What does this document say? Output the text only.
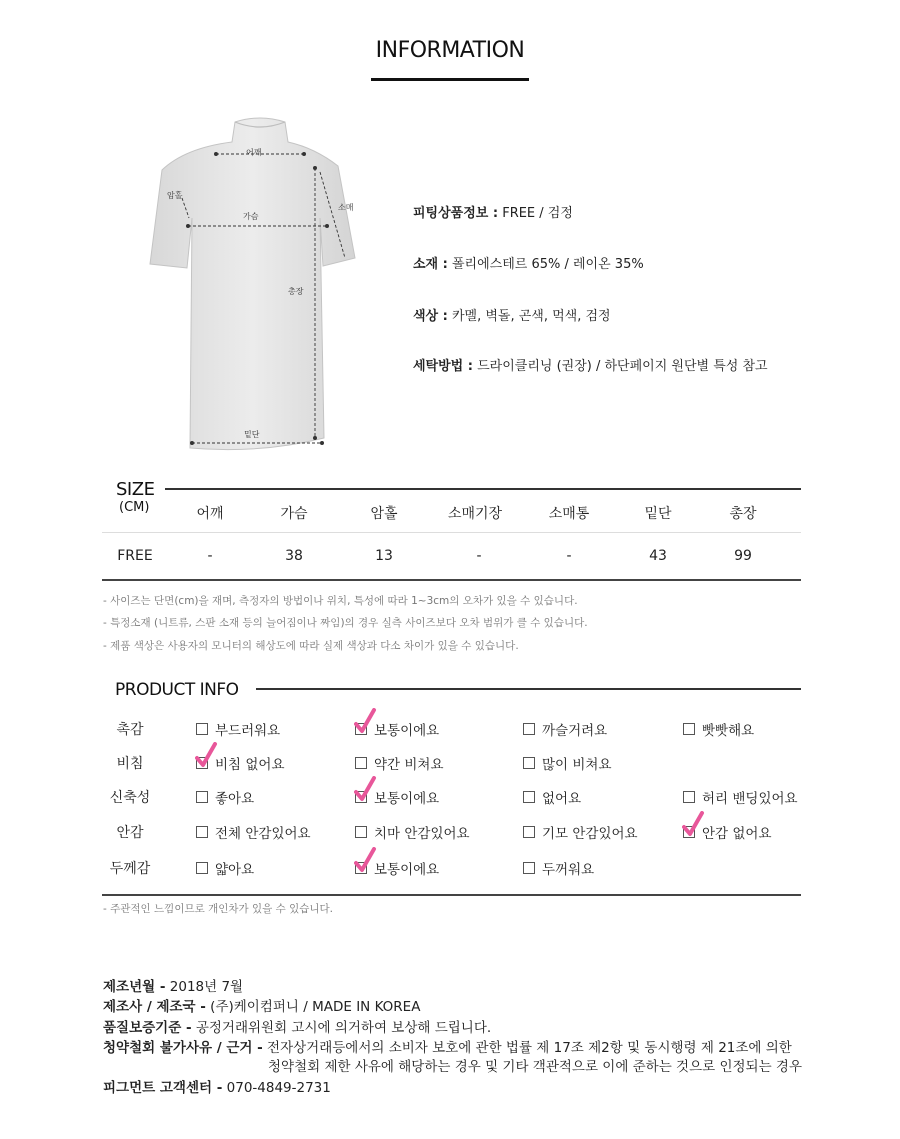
INFORMATION
어깨
가슴
암홀
소매
총장
밑단
피팅상품정보 : FREE / 검정
소재 : 폴리에스테르 65% / 레이온 35%
색상 : 카멜, 벽돌, 곤색, 먹색, 검정
세탁방법 : 드라이클리닝 (권장) / 하단페이지 원단별 특성 참고
SIZE
(CM)	어깨	가슴	암홀	소매기장	소매통	밑단	총장
FREE	-	38	13	-	-	43	99
- 사이즈는 단면(cm)을 재며, 측정자의 방법이나 위치, 특성에 따라 1~3cm의 오차가 있을 수 있습니다.
- 특정소재 (니트류, 스판 소재 등의 늘어짐이나 짜임)의 경우 실측 사이즈보다 오차 범위가 클 수 있습니다.
- 제품 색상은 사용자의 모니터의 해상도에 따라 실제 색상과 다소 차이가 있을 수 있습니다.
PRODUCT INFO
촉감	부드러워요	보통이에요	까슬거려요	빳빳해요
비침	비침 없어요	약간 비쳐요	많이 비쳐요
신축성	좋아요	보통이에요	없어요	허리 밴딩있어요
안감	전체 안감있어요	치마 안감있어요	기모 안감있어요	안감 없어요
두께감	얇아요	보통이에요	두꺼워요
- 주관적인 느낌이므로 개인차가 있을 수 있습니다.
제조년월 - 2018년 7월
제조사 / 제조국 - (주)케이컴퍼니 / MADE IN KOREA
품질보증기준 - 공정거래위원회 고시에 의거하여 보상해 드립니다.
청약철회 불가사유 / 근거 - 전자상거래등에서의 소비자 보호에 관한 법률 제 17조 제2항 및 동시행령 제 21조에 의한
청약철회 제한 사유에 해당하는 경우 및 기타 객관적으로 이에 준하는 것으로 인정되는 경우
피그먼트 고객센터 - 070-4849-2731
